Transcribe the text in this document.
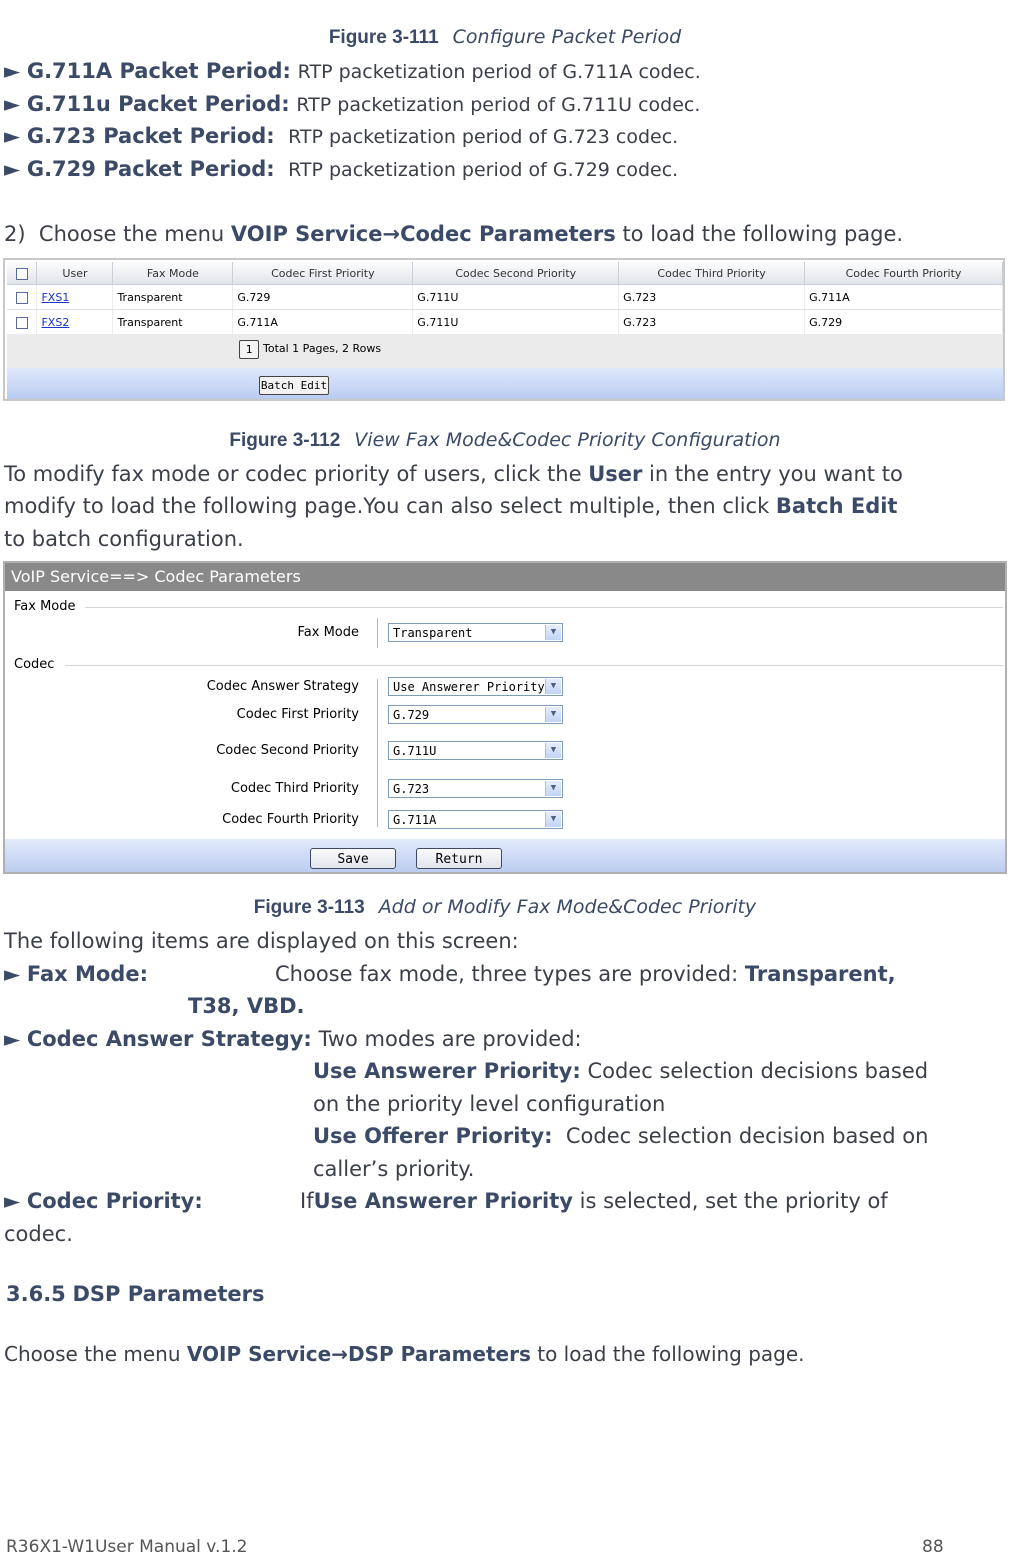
Figure 3-111 Configure Packet Period
► G.711A Packet Period: RTP packetization period of G.711A codec.
► G.711u Packet Period: RTP packetization period of G.711U codec.
► G.723 Packet Period: RTP packetization period of G.723 codec.
► G.729 Packet Period: RTP packetization period of G.729 codec.
2)  Choose the menu VOIP Service→Codec Parameters to load the following page.
	User	Fax Mode	Codec First Priority	Codec Second Priority	Codec Third Priority	Codec Fourth Priority
	FXS1	Transparent	G.729	G.711U	G.723	G.711A
	FXS2	Transparent	G.711A	G.711U	G.723	G.729
1 Total 1 Pages, 2 Rows
Batch Edit
Figure 3-112 View Fax Mode&Codec Priority Configuration
To modify fax mode or codec priority of users, click the User in the entry you want to
modify to load the following page.You can also select multiple, then click Batch Edit
to batch configuration.
VoIP Service==> Codec Parameters
Fax Mode
Fax Mode	Transparent	▼
Codec
Codec Answer Strategy	Use Answerer Priority ▼
Codec First Priority	G.729	▼
Codec Second Priority	G.711U	▼
Codec Third Priority	G.723	▼
Codec Fourth Priority	G.711A	▼
Save	Return
Figure 3-113 Add or Modify Fax Mode&Codec Priority
The following items are displayed on this screen:
► Fax Mode:	Choose fax mode, three types are provided: Transparent,
T38, VBD.
► Codec Answer Strategy: Two modes are provided:
Use Answerer Priority: Codec selection decisions based
on the priority level configuration
Use Offerer Priority:  Codec selection decision based on
caller’s priority.
► Codec Priority:	IfUse Answerer Priority is selected, set the priority of
codec.
3.6.5 DSP Parameters
Choose the menu VOIP Service→DSP Parameters to load the following page.
R36X1-W1User Manual v.1.2	88
